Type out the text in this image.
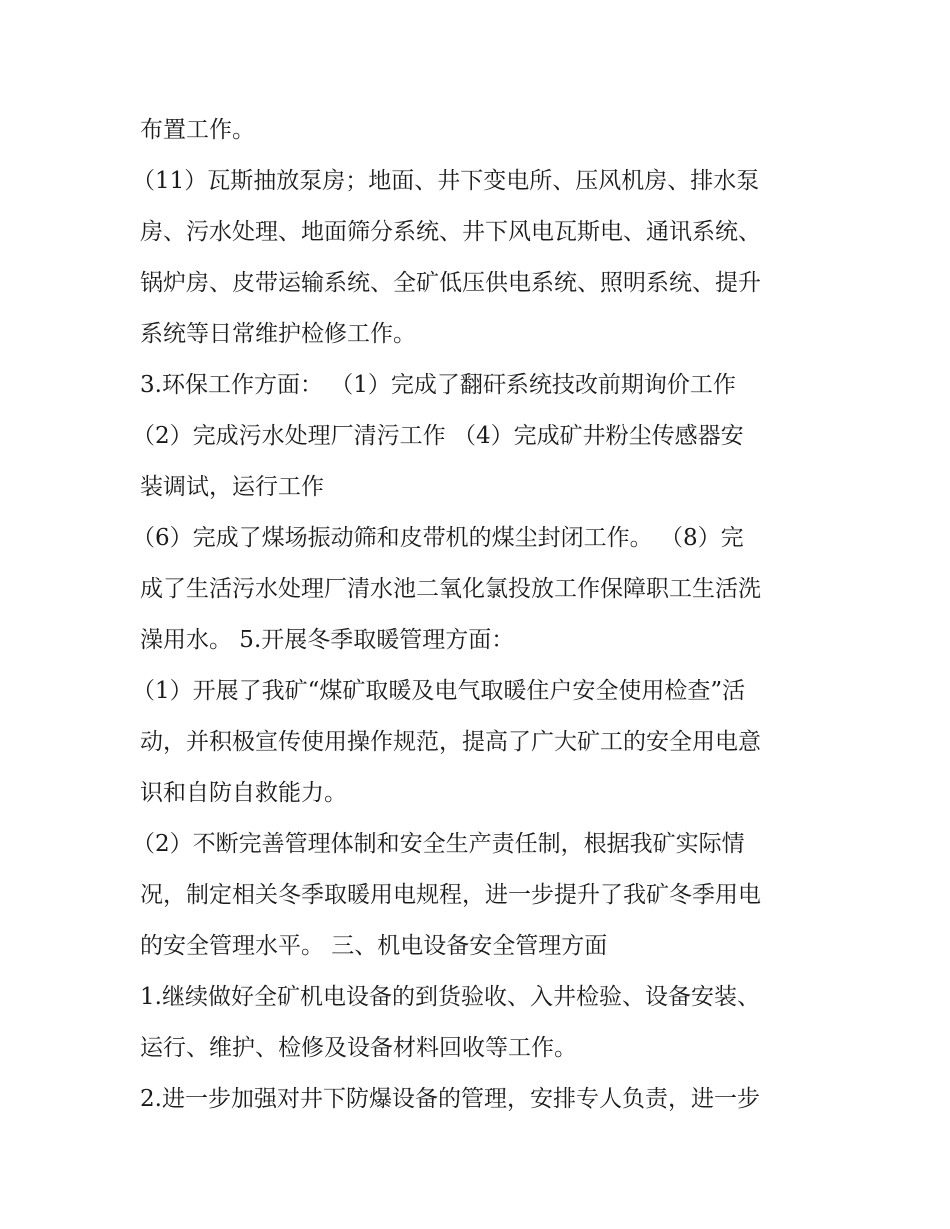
布置工作。
（11）瓦斯抽放泵房；地面、井下变电所、压风机房、排水泵
房、污水处理、地面筛分系统、井下风电瓦斯电、通讯系统、
锅炉房、皮带运输系统、全矿低压供电系统、照明系统、提升
系统等日常维护检修工作。
3.环保工作方面： （1）完成了翻矸系统技改前期询价工作
（2）完成污水处理厂清污工作 （4）完成矿井粉尘传感器安
装调试，运行工作
（6）完成了煤场振动筛和皮带机的煤尘封闭工作。 （8）完
成了生活污水处理厂清水池二氧化氯投放工作保障职工生活洗
澡用水。 5.开展冬季取暖管理方面：
（1）开展了我矿“煤矿取暖及电气取暖住户安全使用检查”活
动，并积极宣传使用操作规范，提高了广大矿工的安全用电意
识和自防自救能力。
（2）不断完善管理体制和安全生产责任制，根据我矿实际情
况，制定相关冬季取暖用电规程，进一步提升了我矿冬季用电
的安全管理水平。 三、机电设备安全管理方面
1.继续做好全矿机电设备的到货验收、入井检验、设备安装、
运行、维护、检修及设备材料回收等工作。
2.进一步加强对井下防爆设备的管理，安排专人负责，进一步
